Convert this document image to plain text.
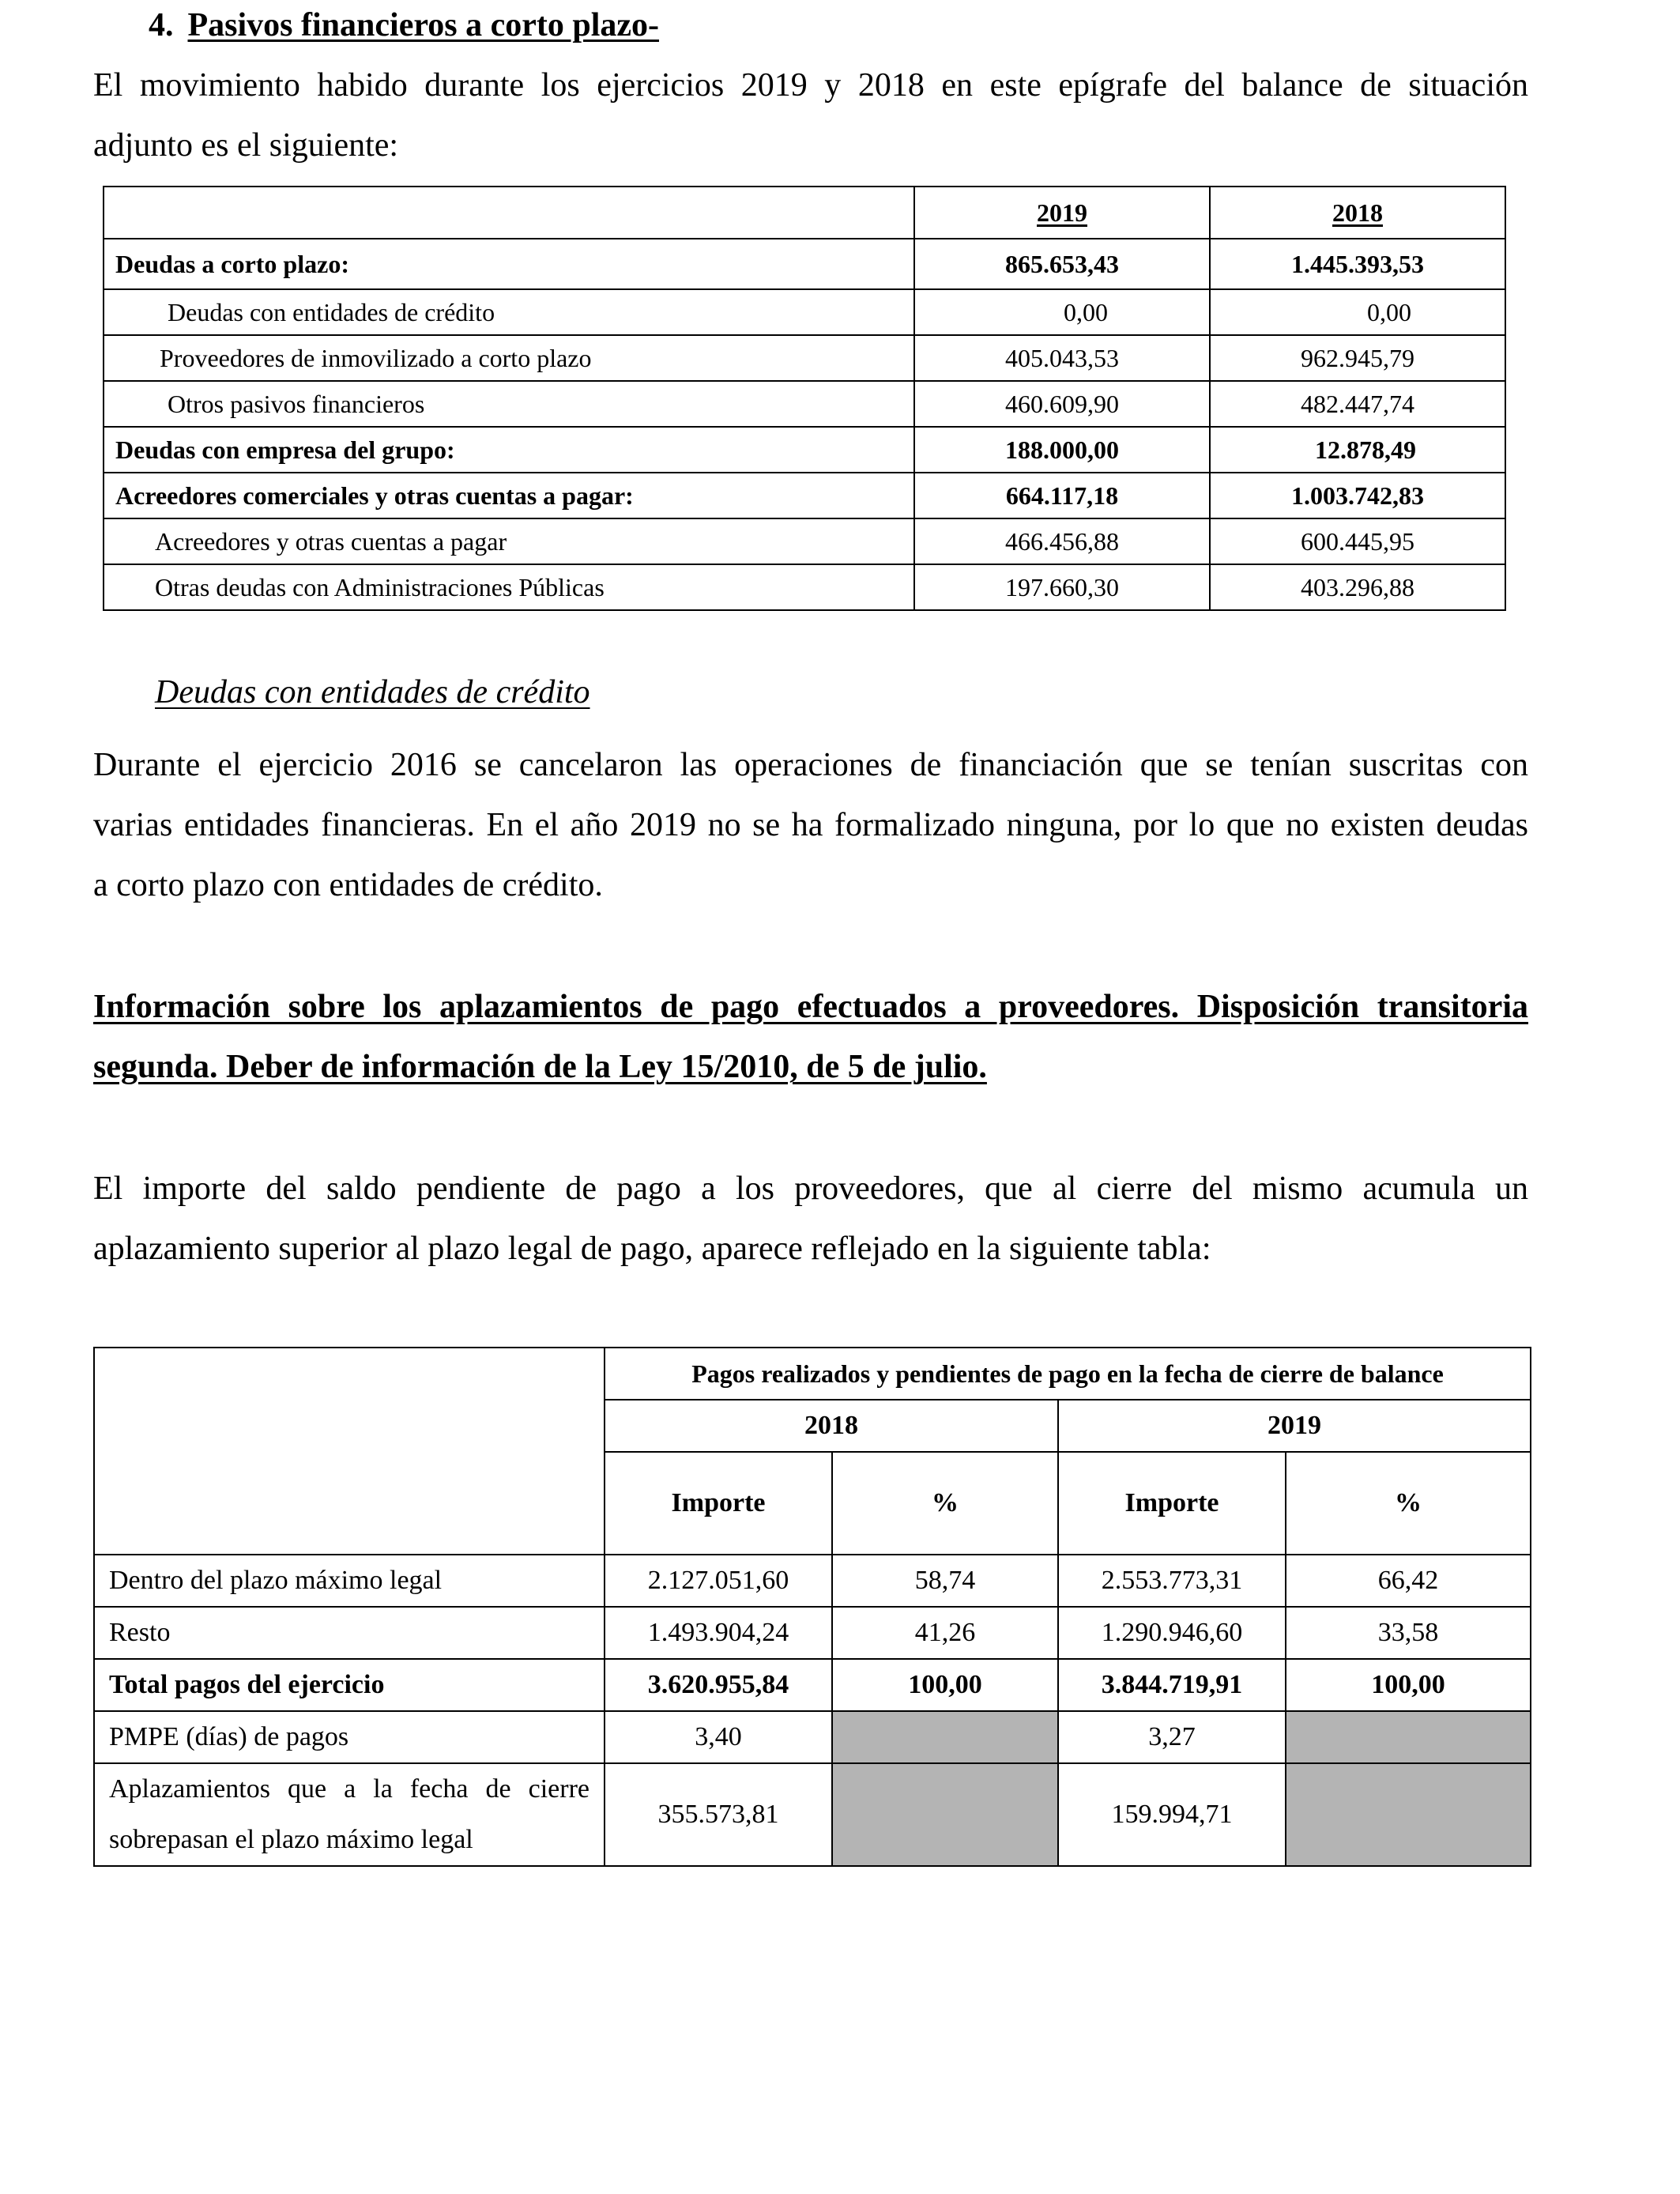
4. Pasivos financieros a corto plazo-
El movimiento habido durante los ejercicios 2019 y 2018 en este epígrafe del balance de situación
adjunto es el siguiente:
	2019	2018
Deudas a corto plazo:	865.653,43	1.445.393,53
Deudas con entidades de crédito	0,00	0,00
Proveedores de inmovilizado a corto plazo	405.043,53	962.945,79
Otros pasivos financieros	460.609,90	482.447,74
Deudas con empresa del grupo:	188.000,00	12.878,49
Acreedores comerciales y otras cuentas a pagar:	664.117,18	1.003.742,83
Acreedores y otras cuentas a pagar	466.456,88	600.445,95
Otras deudas con Administraciones Públicas	197.660,30	403.296,88
Deudas con entidades de crédito
Durante el ejercicio 2016 se cancelaron las operaciones de financiación que se tenían suscritas con
varias entidades financieras. En el año 2019 no se ha formalizado ninguna, por lo que no existen deudas
a corto plazo con entidades de crédito.
Información sobre los aplazamientos de pago efectuados a proveedores. Disposición transitoria
segunda. Deber de información de la Ley 15/2010, de 5 de julio.
El importe del saldo pendiente de pago a los proveedores, que al cierre del mismo acumula un
aplazamiento superior al plazo legal de pago, aparece reflejado en la siguiente tabla:
	Pagos realizados y pendientes de pago en la fecha de cierre de balance			
	2018		2019	
	Importe	%	Importe	%
Dentro del plazo máximo legal	2.127.051,60	58,74	2.553.773,31	66,42
Resto	1.493.904,24	41,26	1.290.946,60	33,58
Total pagos del ejercicio	3.620.955,84	100,00	3.844.719,91	100,00
PMPE (días) de pagos	3,40		3,27	

Aplazamientos que a la fecha de cierre
sobrepasan el plazo máximo legal	355.573,81		159.994,71	
